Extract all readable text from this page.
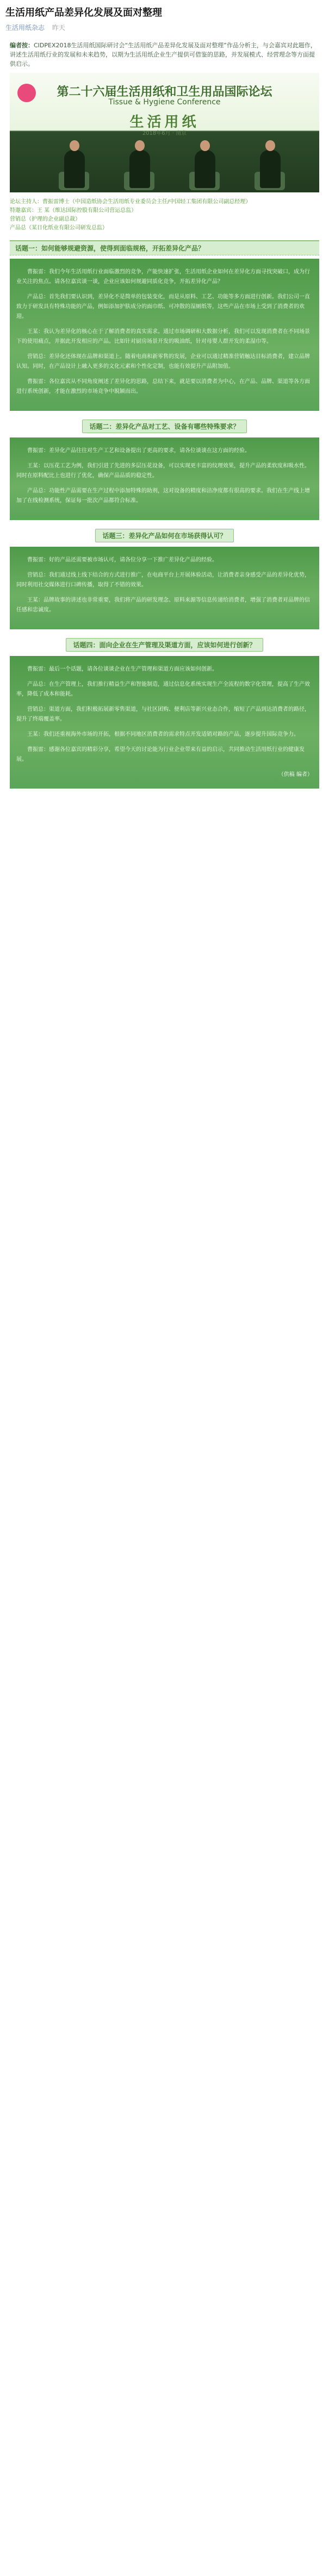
生活用纸产品差异化发展及面对整理
生活用纸杂志 昨天
编者按：CIDPEX2018生活用纸国际研讨会“生活用纸产品差异化发展及面对整理”作品分析主，与会嘉宾对此题作，讲述生活用纸行业的发展和未来趋势，以期为生活用纸企业生产提供可借鉴的思路，并发展模式、经营理念等方面提供启示。
第二十六届生活用纸和卫生用品国际论坛
Tissue & Hygiene Conference
生活用纸
2018年6月 · 南京
论坛主持人：曹振雷博士（中国造纸协会生活用纸专业委员会主任/中国轻工集团有限公司副总经理）
特邀嘉宾：王 某（维达国际控股有限公司营运总监）
营销总（护理的企业副总裁）
产品总（某日化纸业有限公司研发总监）
话题一：如何能够规避资源，使得到面临规格，开拓差异化产品？

曹振雷：我们今年生活用纸行业面临激烈的竞争，产能快速扩张，生活用纸企业如何在差异化方面寻找突破口，成为行业关注的焦点。请各位嘉宾谈一谈，企业应该如何规避同质化竞争，开拓差异化产品？

产品总：首先我们要认识到，差异化不是简单的包装变化，而是从原料、工艺、功能等多方面进行创新。我们公司一直致力于研发具有特殊功能的产品，例如添加护肤成分的面巾纸、可冲散的湿厕纸等，这些产品在市场上受到了消费者的欢迎。

王某：我认为差异化的核心在于了解消费者的真实需求。通过市场调研和大数据分析，我们可以发现消费者在不同场景下的使用痛点，并据此开发相应的产品。比如针对厨房场景开发的吸油纸，针对母婴人群开发的柔湿巾等。

营销总：差异化还体现在品牌和渠道上。随着电商和新零售的发展，企业可以通过精准营销触达目标消费者，建立品牌认知。同时，在产品设计上融入更多的文化元素和个性化定制，也能有效提升产品附加值。

曹振雷：各位嘉宾从不同角度阐述了差异化的思路，总结下来，就是要以消费者为中心，在产品、品牌、渠道等各方面进行系统创新，才能在激烈的市场竞争中脱颖而出。

话题二：差异化产品对工艺、设备有哪些特殊要求？

曹振雷：差异化产品往往对生产工艺和设备提出了更高的要求，请各位谈谈在这方面的经验。

王某：以压花工艺为例，我们引进了先进的多层压花设备，可以实现更丰富的纹理效果，提升产品的柔软度和吸水性。同时在原料配比上也进行了优化，确保产品品质的稳定性。

产品总：功能性产品需要在生产过程中添加特殊的助剂，这对设备的精度和洁净度都有很高的要求。我们在生产线上增加了在线检测系统，保证每一批次产品都符合标准。

话题三：差异化产品如何在市场获得认可？

曹振雷：好的产品还需要被市场认可，请各位分享一下推广差异化产品的经验。

营销总：我们通过线上线下结合的方式进行推广，在电商平台上开展体验活动，让消费者亲身感受产品的差异化优势，同时利用社交媒体进行口碑传播，取得了不错的效果。

王某：品牌故事的讲述也非常重要，我们将产品的研发理念、原料来源等信息传递给消费者，增强了消费者对品牌的信任感和忠诚度。

话题四：面向企业在生产管理及渠道方面，应该如何进行创新？

曹振雷：最后一个话题，请各位谈谈企业在生产管理和渠道方面应该如何创新。

产品总：在生产管理上，我们推行精益生产和智能制造，通过信息化系统实现生产全流程的数字化管理，提高了生产效率，降低了成本和能耗。

营销总：渠道方面，我们积极拓展新零售渠道，与社区团购、便利店等新兴业态合作，缩短了产品到达消费者的路径，提升了终端覆盖率。

王某：我们还重视海外市场的开拓，根据不同地区消费者的需求特点开发适销对路的产品，逐步提升国际竞争力。

曹振雷：感谢各位嘉宾的精彩分享，希望今天的讨论能为行业企业带来有益的启示，共同推动生活用纸行业的健康发展。

（供稿 编者）
